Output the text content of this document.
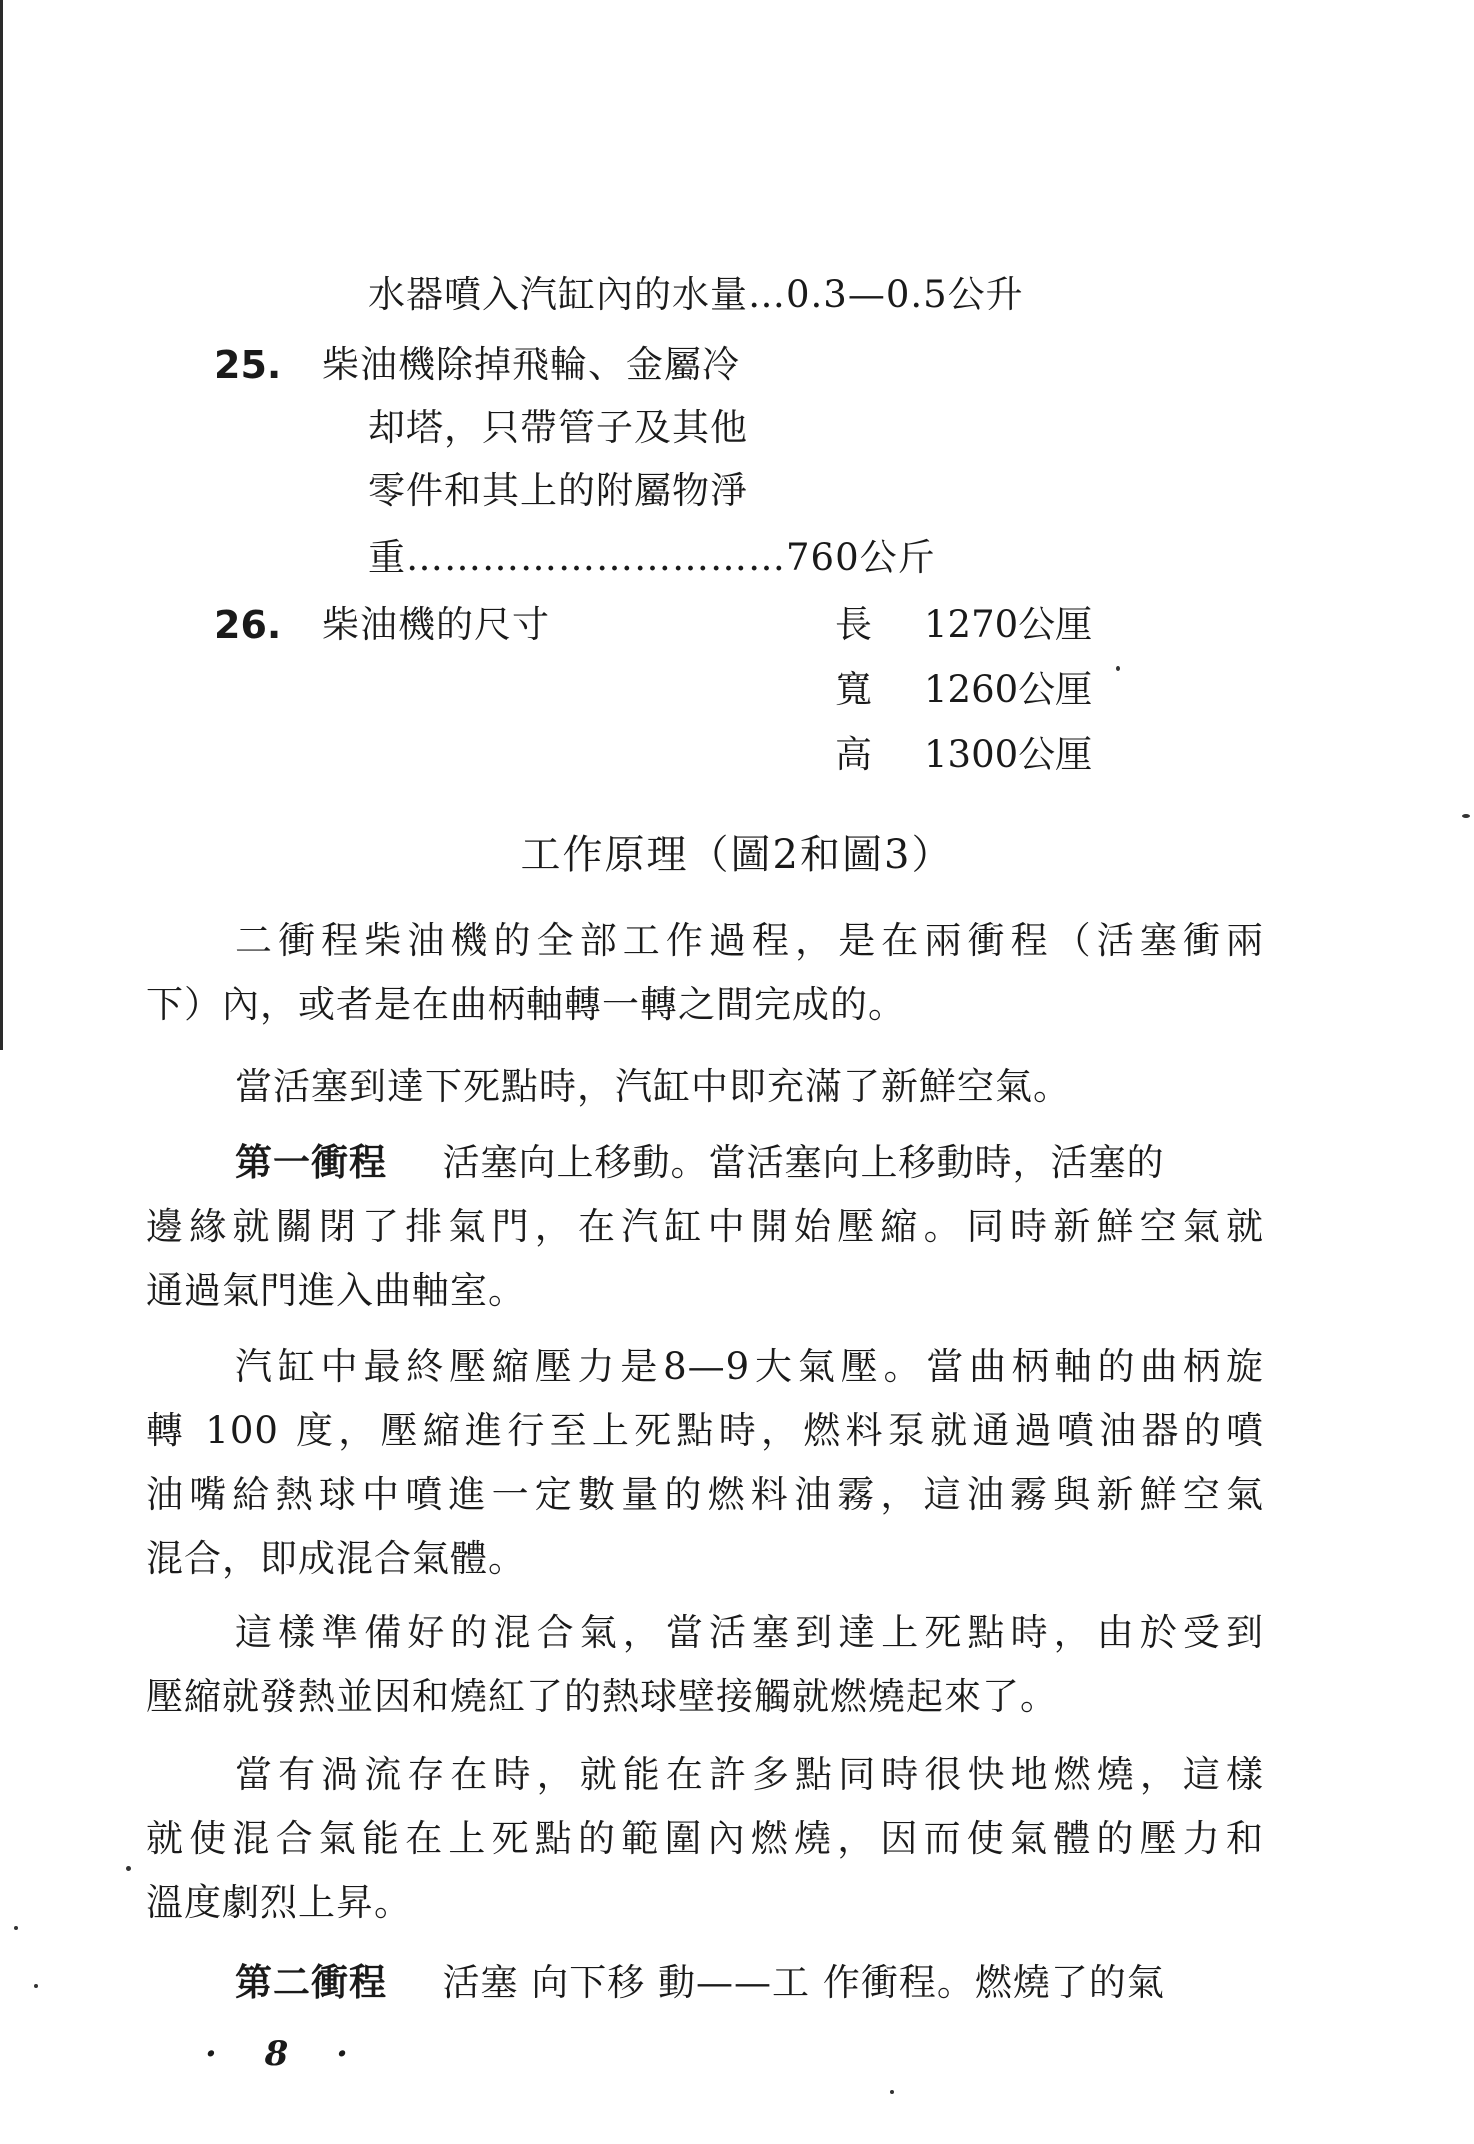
水器噴入汽缸內的水量…0.3—0.5公升
25. 柴油機除掉飛輪、金屬冷
却塔，只帶管子及其他
零件和其上的附屬物淨
重…………………………760公斤
26. 柴油機的尺寸	長 1270公厘
寬 1260公厘
高 1300公厘
工作原理（圖2和圖3）
二衝程柴油機的全部工作過程，是在兩衝程（活塞衝兩
下）內，或者是在曲柄軸轉一轉之間完成的。
當活塞到達下死點時，汽缸中即充滿了新鮮空氣。
第一衝程 活塞向上移動。當活塞向上移動時，活塞的
邊緣就關閉了排氣門，在汽缸中開始壓縮。同時新鮮空氣就
通過氣門進入曲軸室。
汽缸中最終壓縮壓力是8—9大氣壓。當曲柄軸的曲柄旋
轉 100 度，壓縮進行至上死點時，燃料泵就通過噴油器的噴
油嘴給熱球中噴進一定數量的燃料油霧，這油霧與新鮮空氣
混合，即成混合氣體。
這樣準備好的混合氣，當活塞到達上死點時，由於受到
壓縮就發熱並因和燒紅了的熱球壁接觸就燃燒起來了。
當有渦流存在時，就能在許多點同時很快地燃燒，這樣
就使混合氣能在上死點的範圍內燃燒，因而使氣體的壓力和
溫度劇烈上昇。
第二衝程 活塞 向下移 動——工 作衝程。燃燒了的氣
· 8 ·
